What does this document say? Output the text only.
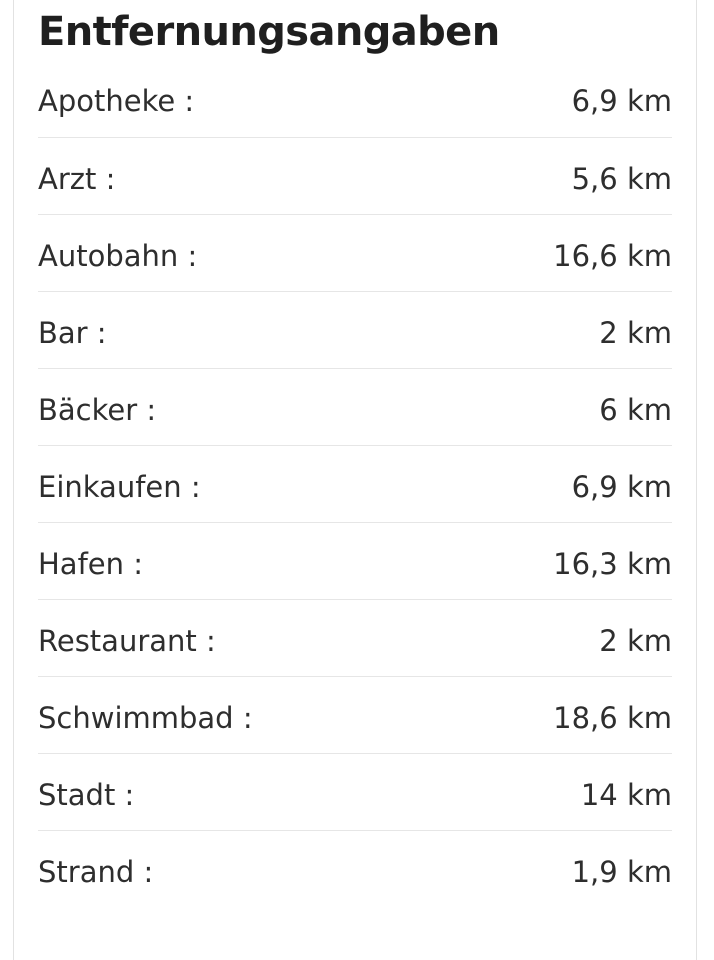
Entfernungsangaben
Apotheke :	6,9 km
Arzt :	5,6 km
Autobahn :	16,6 km
Bar :	2 km
Bäcker :	6 km
Einkaufen :	6,9 km
Hafen :	16,3 km
Restaurant :	2 km
Schwimmbad :	18,6 km
Stadt :	14 km
Strand :	1,9 km
